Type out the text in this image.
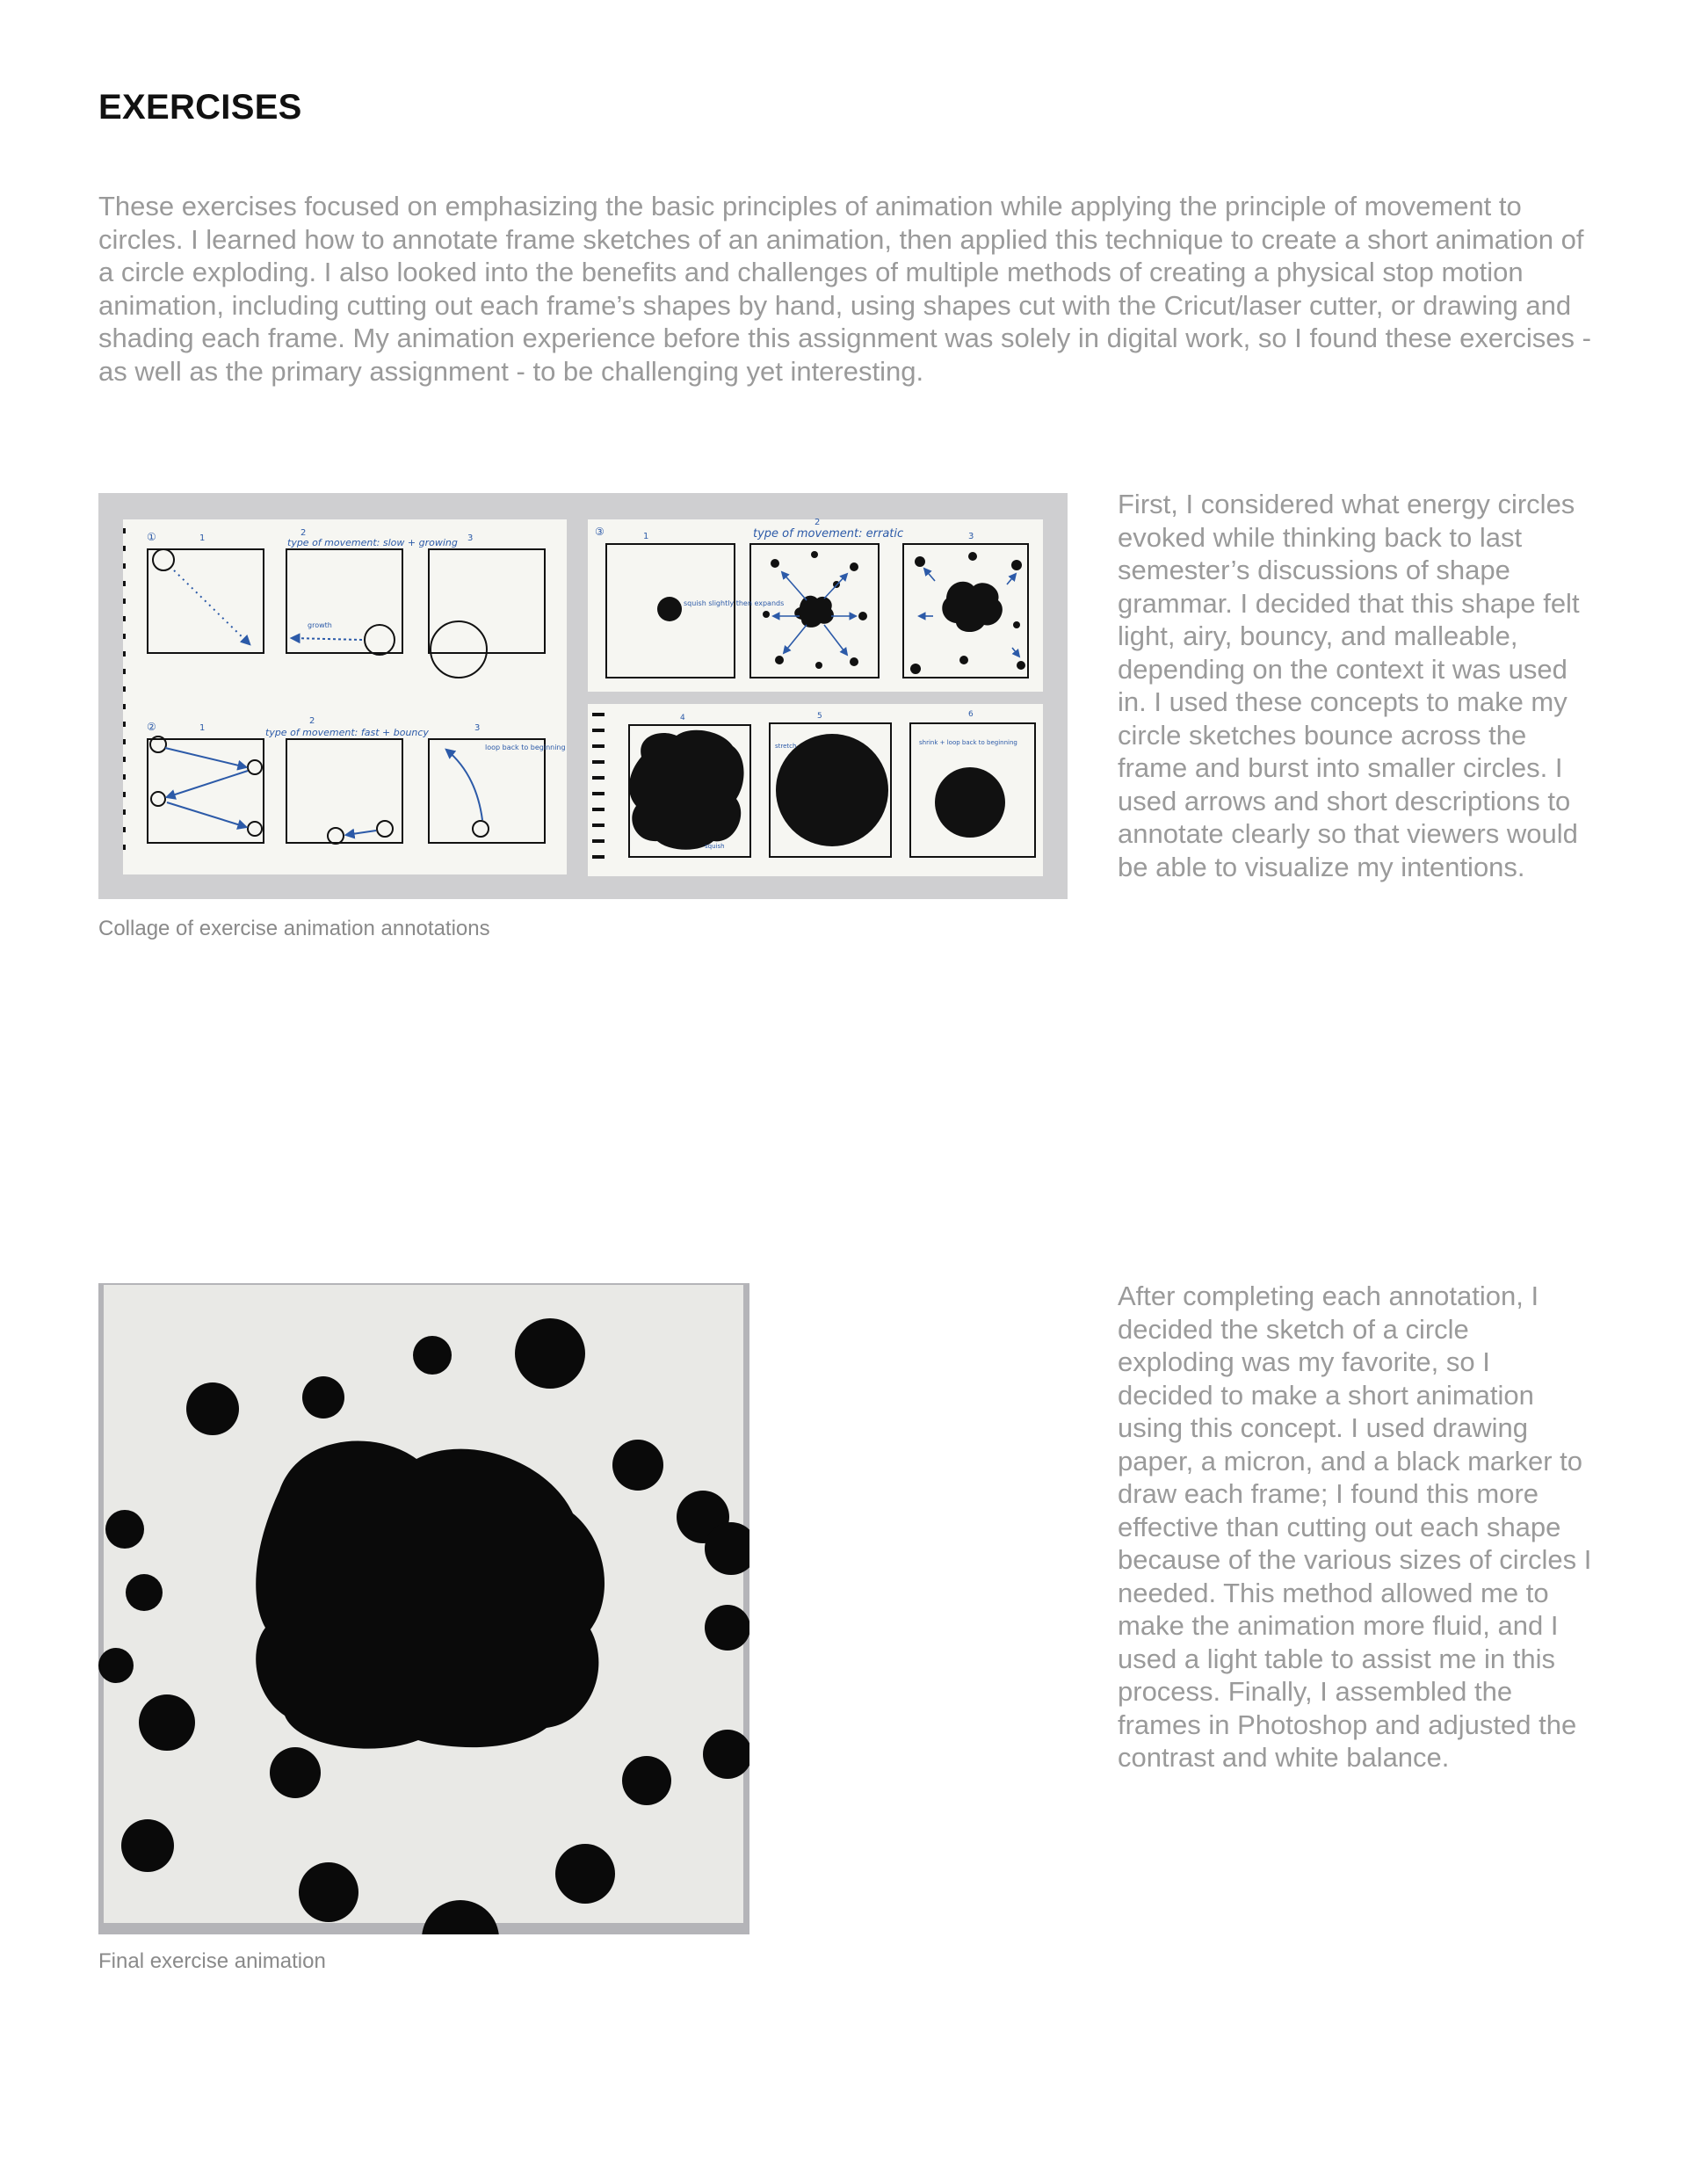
EXERCISES

These exercises focused on emphasizing the basic principles of animation while applying the principle of movement to circles. I learned how to annotate frame sketches of an animation, then applied this technique to create a short animation of a circle exploding. I also looked into the benefits and challenges of multiple methods of creating a physical stop motion animation, including cutting out each frame’s shapes by hand, using shapes cut with the Cricut/laser cutter, or drawing and shading each frame. My animation experience before this assignment was solely in digital work, so I found these exercises - as well as the primary assignment - to be challenging yet interesting.

①	1
2
3
type of movement: slow + growing
growth
②	1
2
3
type of movement: fast + bouncy
loop back to beginning
③	1
2
3
type of movement: erratic
squish slightly then expands
4	5	6
squish
stretch	shrink + loop back to beginning

Collage of exercise animation annotations

First, I considered what energy circles evoked while thinking back to last semester’s discussions of shape grammar. I decided that this shape felt light, airy, bouncy, and malleable, depending on the context it was used in. I used these concepts to make my circle sketches bounce across the frame and burst into smaller circles. I used arrows and short descriptions to annotate clearly so that viewers would be able to visualize my intentions.

Final exercise animation

After completing each annotation, I decided the sketch of a circle exploding was my favorite, so I decided to make a short animation using this concept. I used drawing paper, a micron, and a black marker to draw each frame; I found this more effective than cutting out each shape because of the various sizes of circles I needed. This method allowed me to make the animation more fluid, and I used a light table to assist me in this process. Finally, I assembled the frames in Photoshop and adjusted the contrast and white balance.
